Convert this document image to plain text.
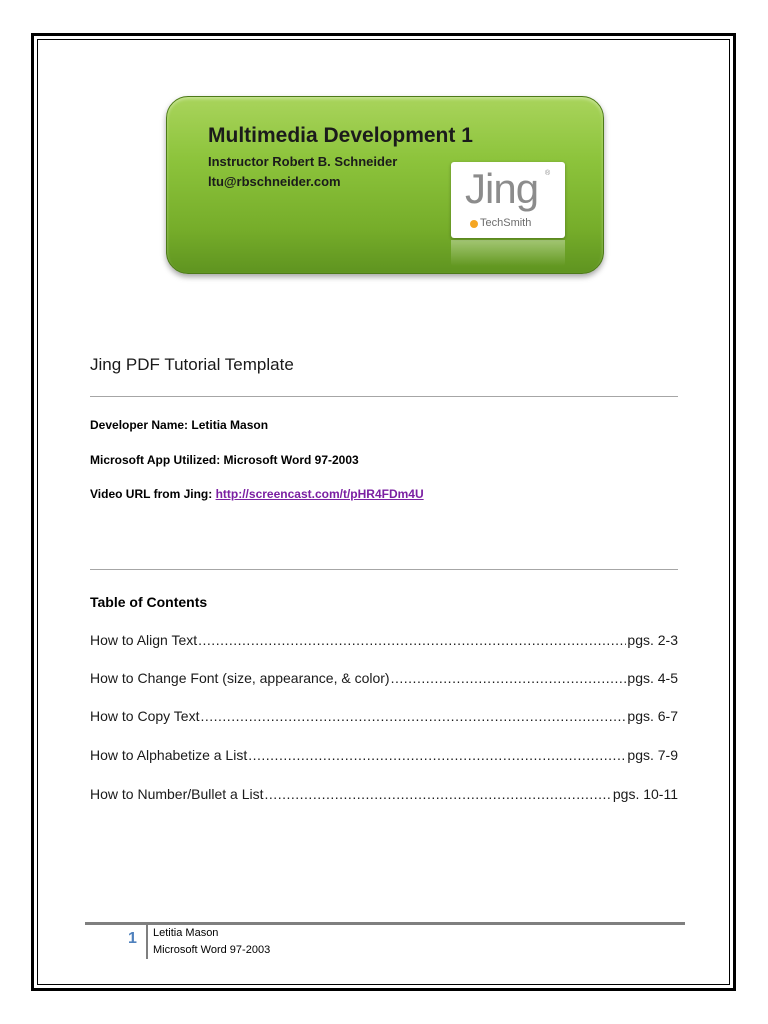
Multimedia Development 1
Instructor Robert B. Schneider
ltu@rbschneider.com	Jing ®
TechSmith
Jing PDF Tutorial Template
Developer Name: Letitia Mason
Microsoft App Utilized: Microsoft Word 97-2003
Video URL from Jing: http://screencast.com/t/pHR4FDm4U
Table of Contents
How to Align Text .....	pgs. 2-3
How to Change Font (size, appearance, & color) .....	pgs. 4-5
How to Copy Text .....	pgs. 6-7
How to Alphabetize a List .....	pgs. 7-9
How to Number/Bullet a List .....	pgs. 10-11
1 Letitia Mason
Microsoft Word 97-2003
